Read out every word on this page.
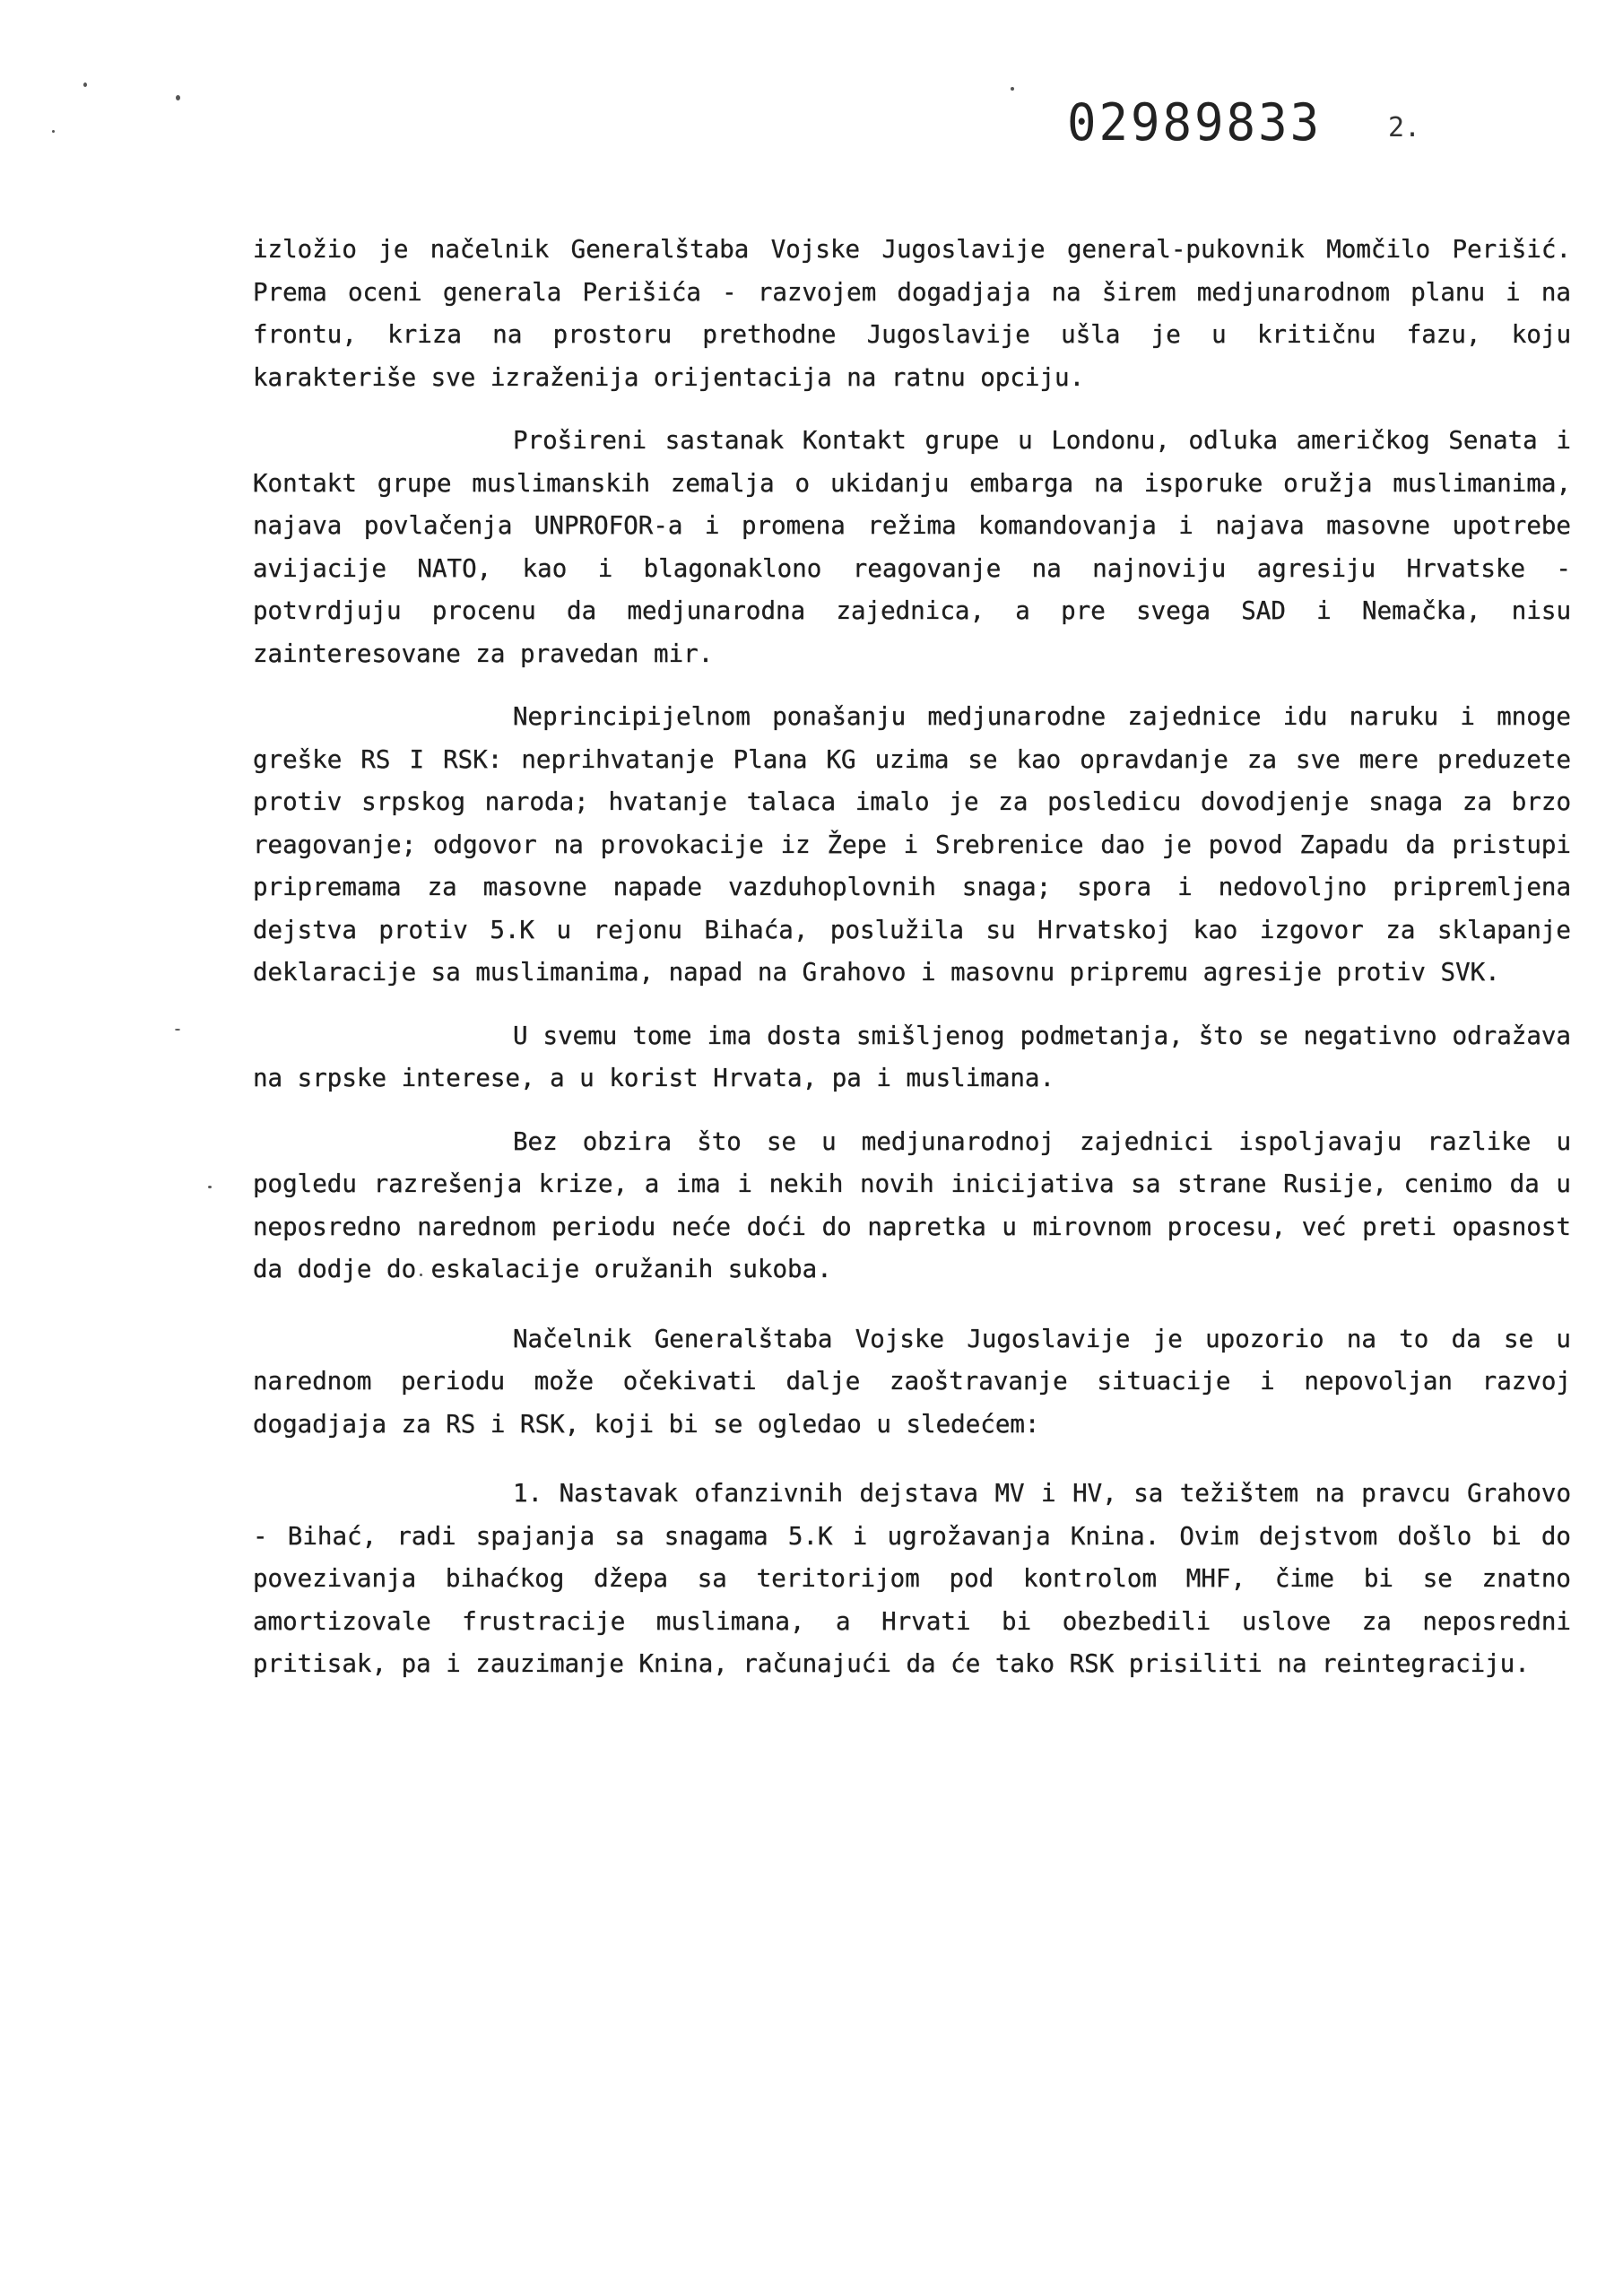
02989833 2.

izložio je načelnik Generalštaba Vojske Jugoslavije general-pukovnik Momčilo Perišić. Prema oceni generala Perišića - razvojem dogadjaja na širem medjunarodnom planu i na frontu, kriza na prostoru prethodne Jugoslavije ušla je u kritičnu fazu, koju karakteriše sve izraženija orijentacija na ratnu opciju.

Prošireni sastanak Kontakt grupe u Londonu, odluka američkog Senata i Kontakt grupe muslimanskih zemalja o ukidanju embarga na isporuke oružja muslimanima, najava povlačenja UNPROFOR-a i promena režima komandovanja i najava masovne upotrebe avijacije NATO, kao i blagonaklono reagovanje na najnoviju agresiju Hrvatske - potvrdjuju procenu da medjunarodna zajednica, a pre svega SAD i Nemačka, nisu zainteresovane za pravedan mir.

Neprincipijelnom ponašanju medjunarodne zajednice idu naruku i mnoge greške RS I RSK: neprihvatanje Plana KG uzima se kao opravdanje za sve mere preduzete protiv srpskog naroda; hvatanje talaca imalo je za posledicu dovodjenje snaga za brzo reagovanje; odgovor na provokacije iz Žepe i Srebrenice dao je povod Zapadu da pristupi pripremama za masovne napade vazduhoplovnih snaga; spora i nedovoljno pripremljena dejstva protiv 5.K u rejonu Bihaća, poslužila su Hrvatskoj kao izgovor za sklapanje deklaracije sa muslimanima, napad na Grahovo i masovnu pripremu agresije protiv SVK.

U svemu tome ima dosta smišljenog podmetanja, što se negativno odražava na srpske interese, a u korist Hrvata, pa i muslimana.

Bez obzira što se u medjunarodnoj zajednici ispoljavaju razlike u pogledu razrešenja krize, a ima i nekih novih inicijativa sa strane Rusije, cenimo da u neposredno narednom periodu neće doći do napretka u mirovnom procesu, već preti opasnost da dodje do eskalacije oružanih sukoba.

Načelnik Generalštaba Vojske Jugoslavije je upozorio na to da se u narednom periodu može očekivati dalje zaoštravanje situacije i nepovoljan razvoj dogadjaja za RS i RSK, koji bi se ogledao u sledećem:

1. Nastavak ofanzivnih dejstava MV i HV, sa težištem na pravcu Grahovo - Bihać, radi spajanja sa snagama 5.K i ugrožavanja Knina. Ovim dejstvom došlo bi do povezivanja bihaćkog džepa sa teritorijom pod kontrolom MHF, čime bi se znatno amortizovale frustracije muslimana, a Hrvati bi obezbedili uslove za neposredni pritisak, pa i zauzimanje Knina, računajući da će tako RSK prisiliti na reintegraciju.
